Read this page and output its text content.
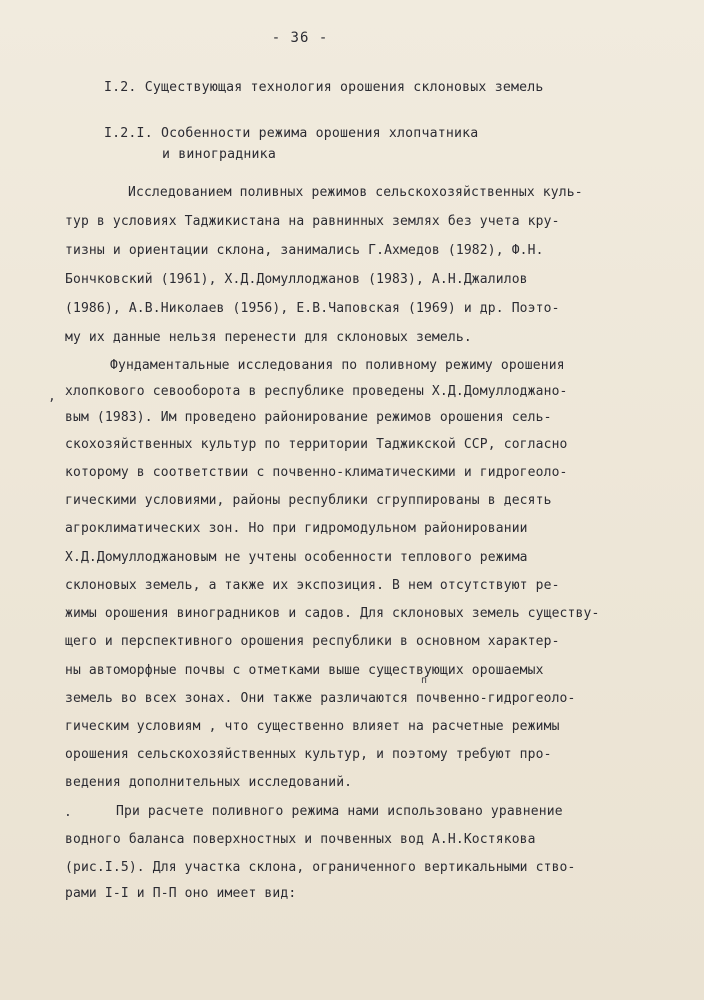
- 36 -
I.2. Существующая технология орошения склоновых земель
I.2.I. Особенности режима орошения хлопчатника
и виноградника
Исследованием поливных режимов сельскохозяйственных куль-
тур в условиях Таджикистана на равнинных землях без учета кру-
тизны и ориентации склона, занимались Г.Ахмедов (1982), Ф.Н.
Бончковский (1961), Х.Д.Домуллоджанов (1983), А.Н.Джалилов
(1986), А.В.Николаев (1956), Е.В.Чаповская (1969) и др. Поэто-
му их данные нельзя перенести для склоновых земель.
Фундаментальные исследования по поливному режиму орошения
, хлопкового севооборота в республике проведены Х.Д.Домуллоджано-
вым (1983). Им проведено районирование режимов орошения сель-
скохозяйственных культур по территории Таджикской ССР, согласно
которому в соответствии с почвенно-климатическими и гидрогеоло-
гическими условиями, районы республики сгруппированы в десять
агроклиматических зон. Но при гидромодульном районировании
Х.Д.Домуллоджановым не учтены особенности теплового режима
склоновых земель, а также их экспозиция. В нем отсутствуют ре-
жимы орошения виноградников и садов. Для склоновых земель существу-
щего и перспективного орошения республики в основном характер-
ны автоморфные почвы с отметками выше существующих орошаемых
п
земель во всех зонах. Они также различаются почвенно-гидрогеоло-
гическим условиям , что существенно влияет на расчетные режимы
орошения сельскохозяйственных культур, и поэтому требуют про-
ведения дополнительных исследований.
.	При расчете поливного режима нами использовано уравнение
водного баланса поверхностных и почвенных вод А.Н.Костякова
(рис.I.5). Для участка склона, ограниченного вертикальными ство-
рами I-I и П-П оно имеет вид:
